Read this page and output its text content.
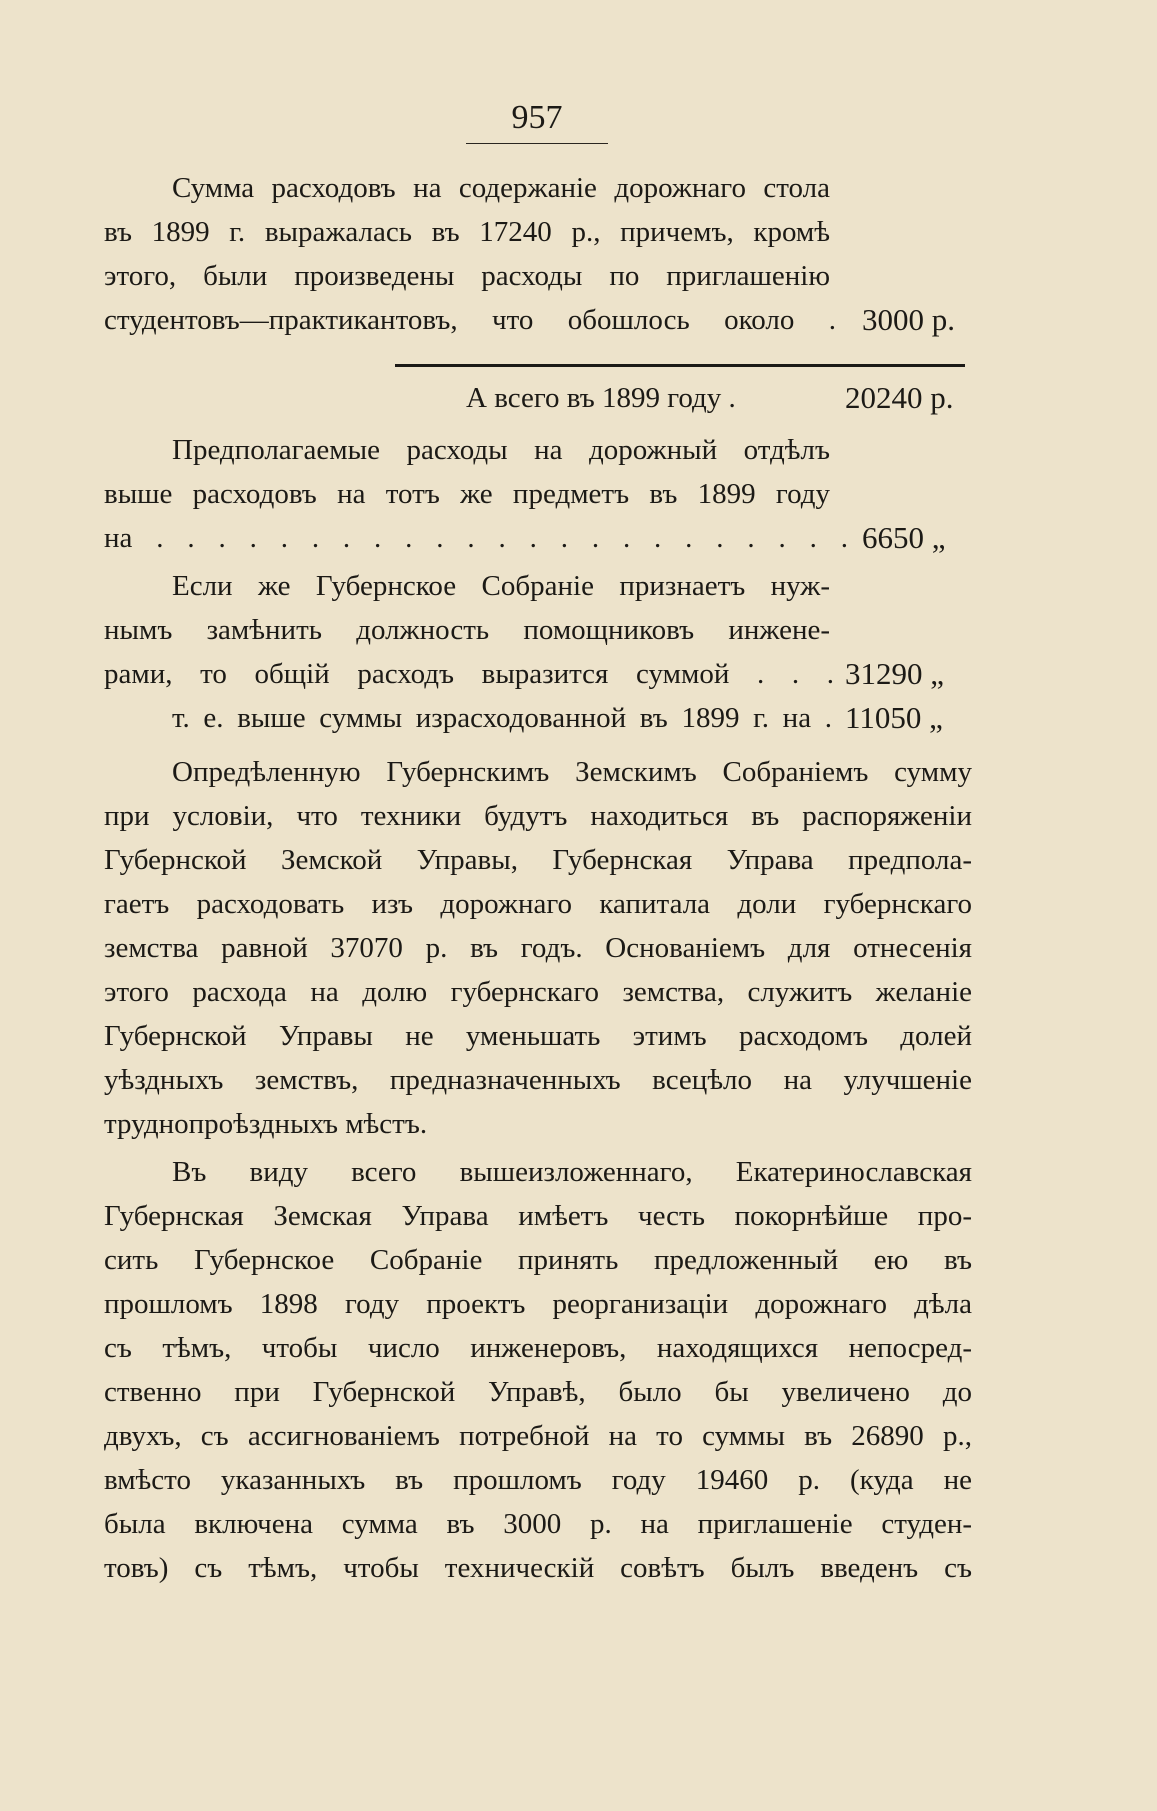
957
Сумма расходовъ на содержаніе дорожнаго стола
въ 1899 г. выражалась въ 17240 р., причемъ, кромѣ
этого, были произведены расходы по приглашенію
студентовъ—практикантовъ, что обошлось около . 3000 р.
А всего въ 1899 году .	20240 р.
Предполагаемые расходы на дорожный отдѣлъ
выше расходовъ на тотъ же предметъ въ 1899 году
на . . . . . . . . . . . . . . . . . . . . . . . 6650 „
Если же Губернское Собраніе признаетъ нуж-
нымъ замѣнить должность помощниковъ инжене-
рами, то общій расходъ выразится суммой . . . 31290 „
т. е. выше суммы израсходованной въ 1899 г. на . 11050 „
Опредѣленную Губернскимъ Земскимъ Собраніемъ сумму
при условіи, что техники будутъ находиться въ распоряженіи
Губернской Земской Управы, Губернская Управа предпола-
гаетъ расходовать изъ дорожнаго капитала доли губернскаго
земства равной 37070 р. въ годъ. Основаніемъ для отнесенія
этого расхода на долю губернскаго земства, служитъ желаніе
Губернской Управы не уменьшать этимъ расходомъ долей
уѣздныхъ земствъ, предназначенныхъ всецѣло на улучшеніе
труднопроѣздныхъ мѣстъ.
Въ виду всего вышеизложеннаго, Екатеринославская
Губернская Земская Управа имѣетъ честь покорнѣйше про-
сить Губернское Собраніе принять предложенный ею въ
прошломъ 1898 году проектъ реорганизаціи дорожнаго дѣла
съ тѣмъ, чтобы число инженеровъ, находящихся непосред-
ственно при Губернской Управѣ, было бы увеличено до
двухъ, съ ассигнованіемъ потребной на то суммы въ 26890 р.,
вмѣсто указанныхъ въ прошломъ году 19460 р. (куда не
была включена сумма въ 3000 р. на приглашеніе студен-
товъ) съ тѣмъ, чтобы техническій совѣтъ былъ введенъ съ
